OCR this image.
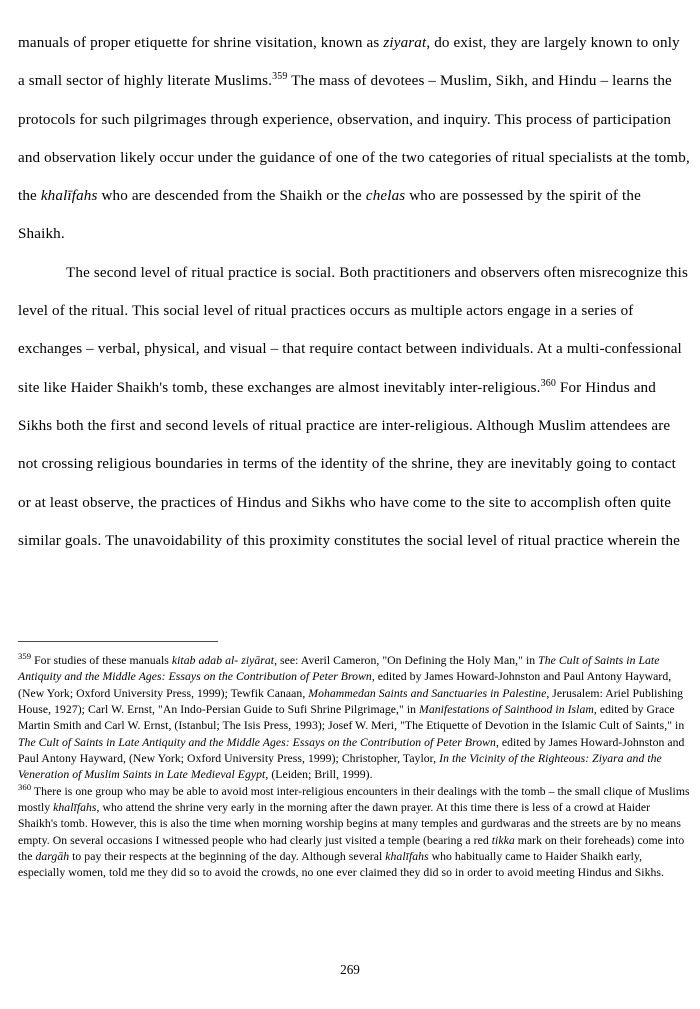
manuals of proper etiquette for shrine visitation, known as ziyarat, do exist, they are largely known to only a small sector of highly literate Muslims.$^{359}$ The mass of devotees – Muslim, Sikh, and Hindu – learns the protocols for such pilgrimages through experience, observation, and inquiry. This process of participation and observation likely occur under the guidance of one of the two categories of ritual specialists at the tomb, the khalīfahs who are descended from the Shaikh or the chelas who are possessed by the spirit of the Shaikh.

The second level of ritual practice is social. Both practitioners and observers often misrecognize this level of the ritual. This social level of ritual practices occurs as multiple actors engage in a series of exchanges – verbal, physical, and visual – that require contact between individuals. At a multi-confessional site like Haider Shaikh's tomb, these exchanges are almost inevitably inter-religious.$^{360}$ For Hindus and Sikhs both the first and second levels of ritual practice are inter-religious. Although Muslim attendees are not crossing religious boundaries in terms of the identity of the shrine, they are inevitably going to contact or at least observe, the practices of Hindus and Sikhs who have come to the site to accomplish often quite similar goals. The unavoidability of this proximity constitutes the social level of ritual practice wherein the

$^{359}$ For studies of these manuals kitab adab al- ziyārat, see: Averil Cameron, "On Defining the Holy Man," in The Cult of Saints in Late Antiquity and the Middle Ages: Essays on the Contribution of Peter Brown, edited by James Howard-Johnston and Paul Antony Hayward, (New York; Oxford University Press, 1999); Tewfik Canaan, Mohammedan Saints and Sanctuaries in Palestine, Jerusalem: Ariel Publishing House, 1927); Carl W. Ernst, "An Indo-Persian Guide to Sufi Shrine Pilgrimage," in Manifestations of Sainthood in Islam, edited by Grace Martin Smith and Carl W. Ernst, (Istanbul; The Isis Press, 1993); Josef W. Meri, "The Etiquette of Devotion in the Islamic Cult of Saints," in The Cult of Saints in Late Antiquity and the Middle Ages: Essays on the Contribution of Peter Brown, edited by James Howard-Johnston and Paul Antony Hayward, (New York; Oxford University Press, 1999); Christopher, Taylor, In the Vicinity of the Righteous: Ziyara and the Veneration of Muslim Saints in Late Medieval Egypt, (Leiden; Brill, 1999).

$^{360}$ There is one group who may be able to avoid most inter-religious encounters in their dealings with the tomb – the small clique of Muslims mostly khalīfahs, who attend the shrine very early in the morning after the dawn prayer. At this time there is less of a crowd at Haider Shaikh's tomb. However, this is also the time when morning worship begins at many temples and gurdwaras and the streets are by no means empty. On several occasions I witnessed people who had clearly just visited a temple (bearing a red tikka mark on their foreheads) come into the dargāh to pay their respects at the beginning of the day. Although several khalīfahs who habitually came to Haider Shaikh early, especially women, told me they did so to avoid the crowds, no one ever claimed they did so in order to avoid meeting Hindus and Sikhs.

269
